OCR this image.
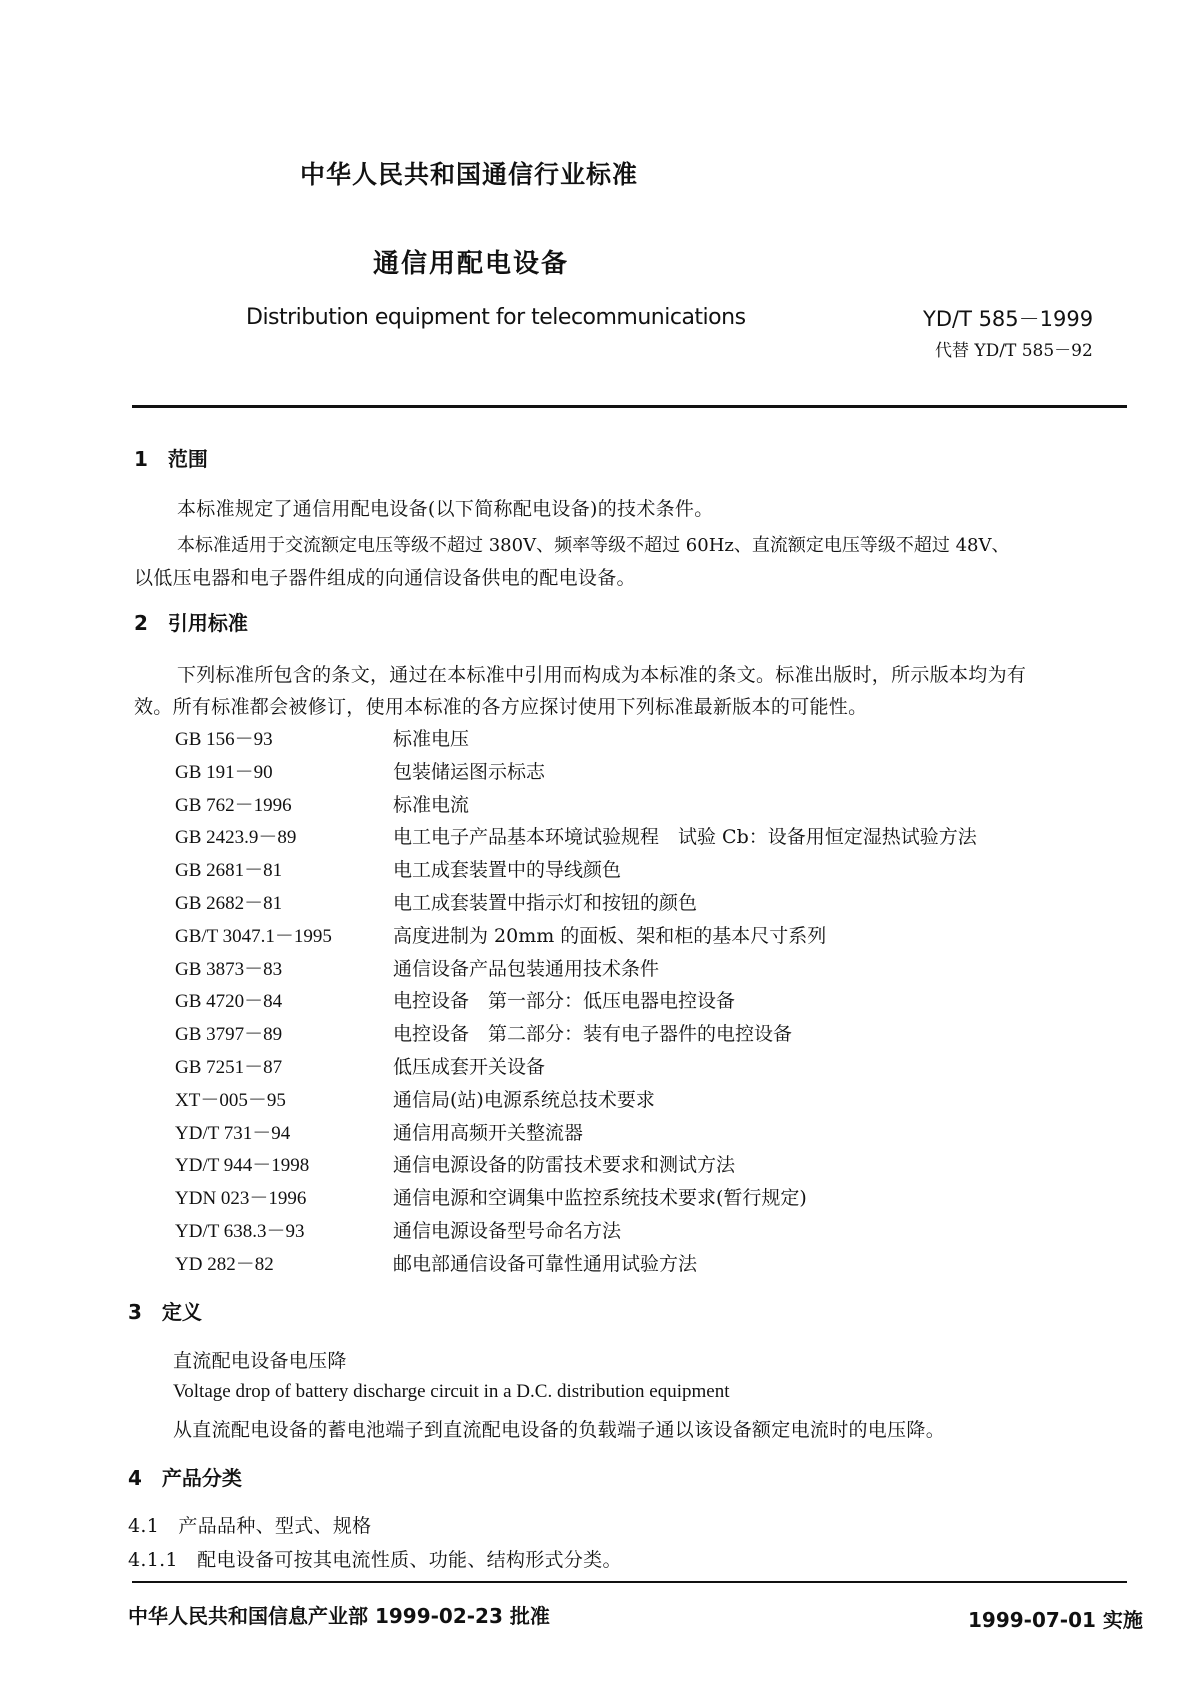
中华人民共和国通信行业标准
通信用配电设备
Distribution equipment for telecommunications	YD/T 585－1999
代替 YD/T 585－92
1　范围
本标准规定了通信用配电设备(以下简称配电设备)的技术条件。
本标准适用于交流额定电压等级不超过 380V、频率等级不超过 60Hz、直流额定电压等级不超过 48V、
以低压电器和电子器件组成的向通信设备供电的配电设备。
2　引用标准
下列标准所包含的条文，通过在本标准中引用而构成为本标准的条文。标准出版时，所示版本均为有
效。所有标准都会被修订，使用本标准的各方应探讨使用下列标准最新版本的可能性。
GB 156－93	标准电压
GB 191－90	包装储运图示标志
GB 762－1996	标准电流
GB 2423.9－89	电工电子产品基本环境试验规程　试验 Cb：设备用恒定湿热试验方法
GB 2681－81	电工成套装置中的导线颜色
GB 2682－81	电工成套装置中指示灯和按钮的颜色
GB/T 3047.1－1995	高度进制为 20mm 的面板、架和柜的基本尺寸系列
GB 3873－83	通信设备产品包装通用技术条件
GB 4720－84	电控设备　第一部分：低压电器电控设备
GB 3797－89	电控设备　第二部分：装有电子器件的电控设备
GB 7251－87	低压成套开关设备
XT－005－95	通信局(站)电源系统总技术要求
YD/T 731－94	通信用高频开关整流器
YD/T 944－1998	通信电源设备的防雷技术要求和测试方法
YDN 023－1996	通信电源和空调集中监控系统技术要求(暂行规定)
YD/T 638.3－93	通信电源设备型号命名方法
YD 282－82	邮电部通信设备可靠性通用试验方法
3　定义
直流配电设备电压降
Voltage drop of battery discharge circuit in a D.C. distribution equipment
从直流配电设备的蓄电池端子到直流配电设备的负载端子通以该设备额定电流时的电压降。
4　产品分类
4.1　产品品种、型式、规格
4.1.1　配电设备可按其电流性质、功能、结构形式分类。
中华人民共和国信息产业部 1999-02-23 批准	1999-07-01 实施
